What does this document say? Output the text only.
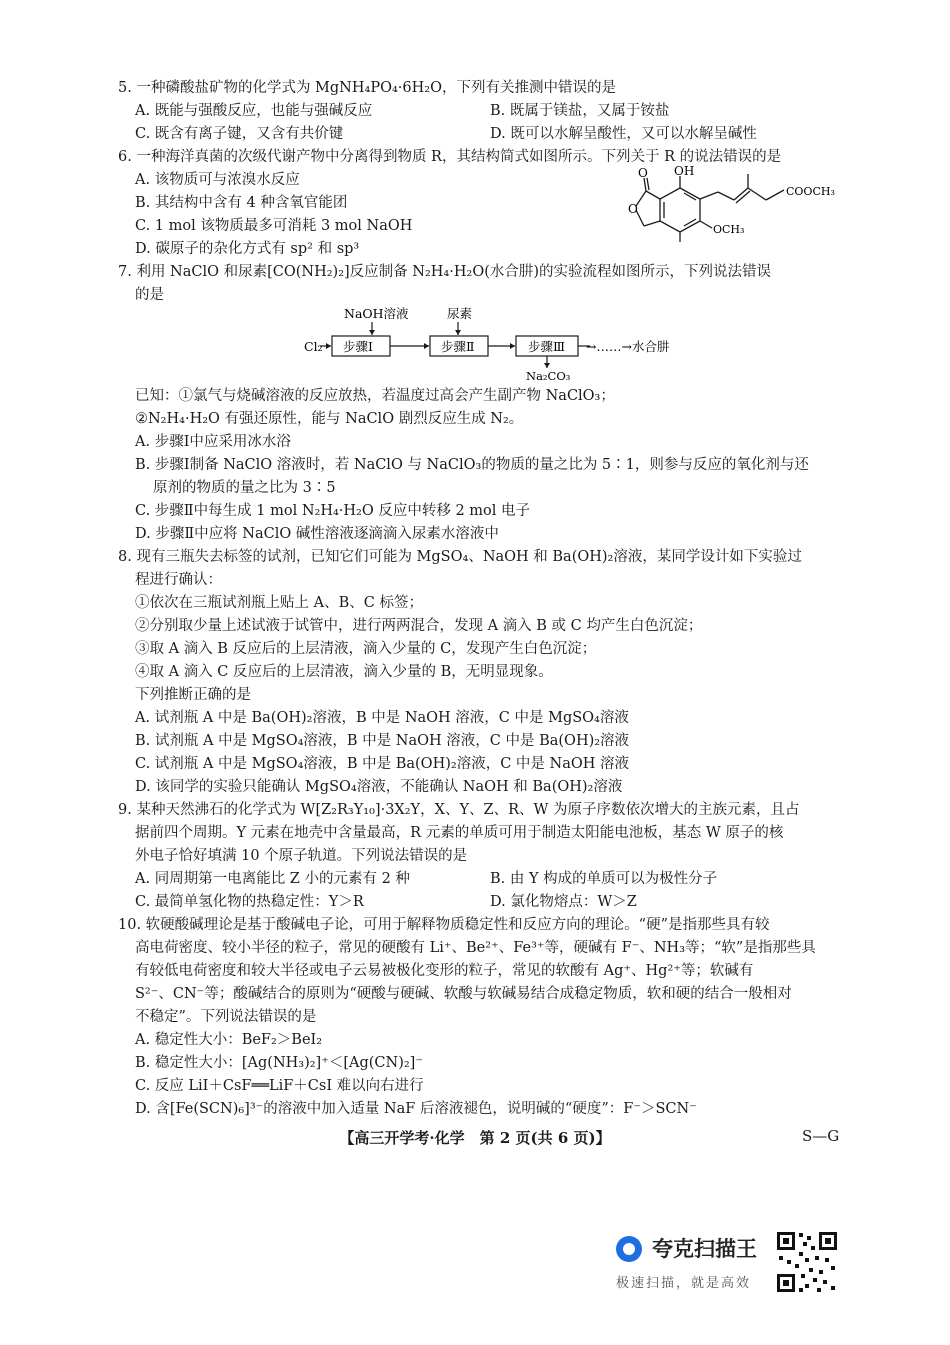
5. 一种磷酸盐矿物的化学式为 MgNH₄PO₄·6H₂O，下列有关推测中错误的是
A. 既能与强酸反应，也能与强碱反应	B. 既属于镁盐，又属于铵盐
C. 既含有离子键，又含有共价键	D. 既可以水解呈酸性，又可以水解呈碱性
6. 一种海洋真菌的次级代谢产物中分离得到物质 R，其结构简式如图所示。下列关于 R 的说法错误的是
A. 该物质可与浓溴水反应
B. 其结构中含有 4 种含氧官能团
C. 1 mol 该物质最多可消耗 3 mol NaOH
D. 碳原子的杂化方式有 sp² 和 sp³
OH
O
O
OCH₃
COOCH₃
7. 利用 NaClO 和尿素[CO(NH₂)₂]反应制备 N₂H₄·H₂O(水合肼)的实验流程如图所示，下列说法错误
的是
Cl₂ 步骤Ⅰ	步骤Ⅱ	步骤Ⅲ
NaOH溶液	尿素
Na₂CO₃
→……→水合肼
已知：①氯气与烧碱溶液的反应放热，若温度过高会产生副产物 NaClO₃；
②N₂H₄·H₂O 有强还原性，能与 NaClO 剧烈反应生成 N₂。
A. 步骤Ⅰ中应采用冰水浴
B. 步骤Ⅰ制备 NaClO 溶液时，若 NaClO 与 NaClO₃的物质的量之比为 5∶1，则参与反应的氧化剂与还
原剂的物质的量之比为 3∶5
C. 步骤Ⅱ中每生成 1 mol N₂H₄·H₂O 反应中转移 2 mol 电子
D. 步骤Ⅱ中应将 NaClO 碱性溶液逐滴滴入尿素水溶液中
8. 现有三瓶失去标签的试剂，已知它们可能为 MgSO₄、NaOH 和 Ba(OH)₂溶液，某同学设计如下实验过
程进行确认：
①依次在三瓶试剂瓶上贴上 A、B、C 标签；
②分别取少量上述试液于试管中，进行两两混合，发现 A 滴入 B 或 C 均产生白色沉淀；
③取 A 滴入 B 反应后的上层清液，滴入少量的 C，发现产生白色沉淀；
④取 A 滴入 C 反应后的上层清液，滴入少量的 B，无明显现象。
下列推断正确的是
A. 试剂瓶 A 中是 Ba(OH)₂溶液，B 中是 NaOH 溶液，C 中是 MgSO₄溶液
B. 试剂瓶 A 中是 MgSO₄溶液，B 中是 NaOH 溶液，C 中是 Ba(OH)₂溶液
C. 试剂瓶 A 中是 MgSO₄溶液，B 中是 Ba(OH)₂溶液，C 中是 NaOH 溶液
D. 该同学的实验只能确认 MgSO₄溶液，不能确认 NaOH 和 Ba(OH)₂溶液
9. 某种天然沸石的化学式为 W[Z₂R₃Y₁₀]·3X₂Y，X、Y、Z、R、W 为原子序数依次增大的主族元素，且占
据前四个周期。Y 元素在地壳中含量最高，R 元素的单质可用于制造太阳能电池板，基态 W 原子的核
外电子恰好填满 10 个原子轨道。下列说法错误的是
A. 同周期第一电离能比 Z 小的元素有 2 种	B. 由 Y 构成的单质可以为极性分子
C. 最简单氢化物的热稳定性：Y＞R	D. 氯化物熔点：W＞Z
10. 软硬酸碱理论是基于酸碱电子论，可用于解释物质稳定性和反应方向的理论。“硬”是指那些具有较
高电荷密度、较小半径的粒子，常见的硬酸有 Li⁺、Be²⁺、Fe³⁺等，硬碱有 F⁻、NH₃等；“软”是指那些具
有较低电荷密度和较大半径或电子云易被极化变形的粒子，常见的软酸有 Ag⁺、Hg²⁺等；软碱有
S²⁻、CN⁻等；酸碱结合的原则为“硬酸与硬碱、软酸与软碱易结合成稳定物质，软和硬的结合一般相对
不稳定”。下列说法错误的是
A. 稳定性大小：BeF₂＞BeI₂
B. 稳定性大小：[Ag(NH₃)₂]⁺＜[Ag(CN)₂]⁻
C. 反应 LiI＋CsF══LiF＋CsI 难以向右进行
D. 含[Fe(SCN)₆]³⁻的溶液中加入适量 NaF 后溶液褪色，说明碱的“硬度”：F⁻＞SCN⁻
【高三开学考·化学　第 2 页(共 6 页)】	S—G
夸克扫描王
极速扫描，就是高效
